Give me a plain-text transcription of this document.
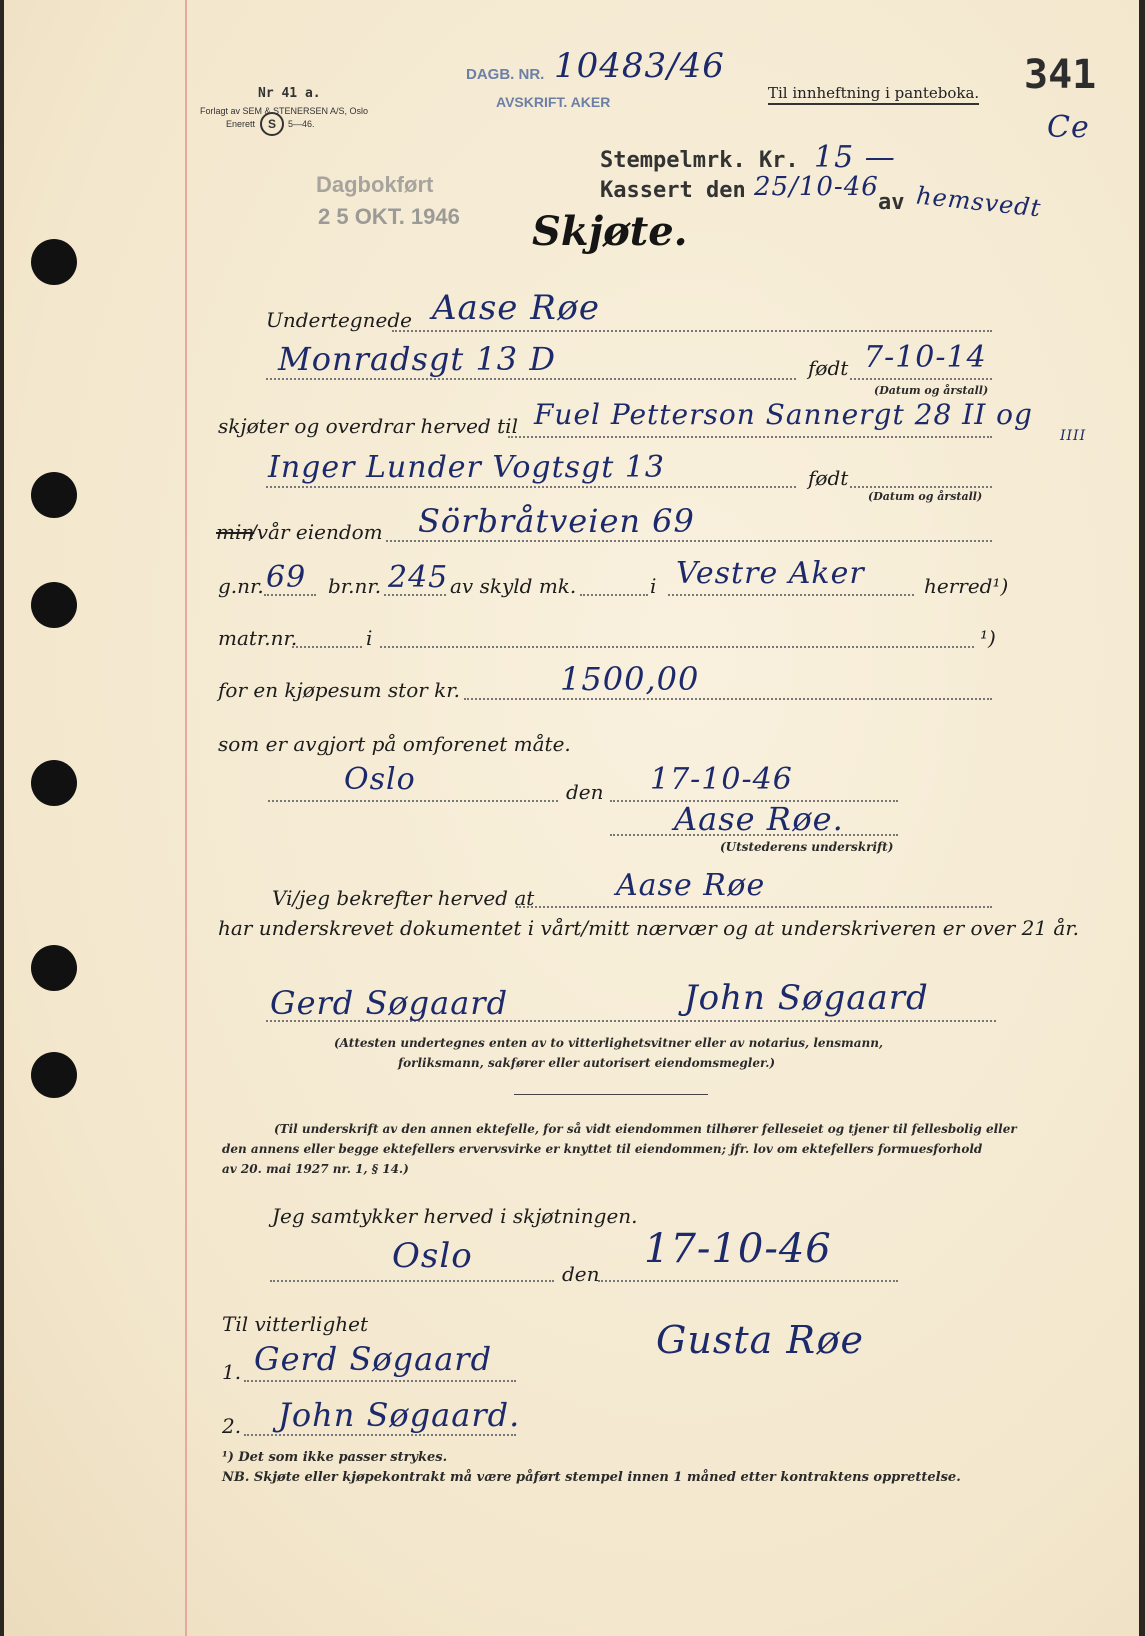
Nr 41 a.
Forlagt av SEM & STENERSEN A/S, Oslo
Enerett	S	5—46.
DAGB. NR. 10483/46
AVSKRIFT. AKER	Til innheftning i panteboka. 341
Ce
Dagbokført
2 5 OKT. 1946
Stempelmrk. Kr. 15 —
Kassert den 25/10-46
av hemsvedt
Skjøte.
Undertegnede Aase Røe
Monradsgt 13 D	født 7-10-14
(Datum og årstall)
skjøter og overdrar herved til Fuel Petterson Sannergt 28 II og
IIII
Inger Lunder Vogtsgt 13	født
(Datum og årstall)
min
/vår eiendom Sörbråtveien 69
g.nr. 69 br.nr. 245 av skyld mk.	i Vestre Aker	herred¹)
matr.nr.	i	¹)
for en kjøpesum stor kr.	1500,00
som er avgjort på omforenet måte.
Oslo	den 17-10-46
Aase Røe.
(Utstederens underskrift)
Vi/jeg bekrefter herved at	Aase Røe
har underskrevet dokumentet i vårt/mitt nærvær og at underskriveren er over 21 år.
Gerd Søgaard	John Søgaard
(Attesten undertegnes enten av to vitterlighetsvitner eller av notarius, lensmann,
forliksmann, sakfører eller autorisert eiendomsmegler.)
(Til underskrift av den annen ektefelle, for så vidt eiendommen tilhører felleseiet og tjener til fellesbolig eller
den annens eller begge ektefellers ervervsvirke er knyttet til eiendommen; jfr. lov om ektefellers formuesforhold
av 20. mai 1927 nr. 1, § 14.)
Jeg samtykker herved i skjøtningen.
Oslo	den
17-10-46
Til vitterlighet
1. Gerd Søgaard	Gusta Røe
2. John Søgaard.
¹) Det som ikke passer strykes.
NB. Skjøte eller kjøpekontrakt må være påført stempel innen 1 måned etter kontraktens opprettelse.
